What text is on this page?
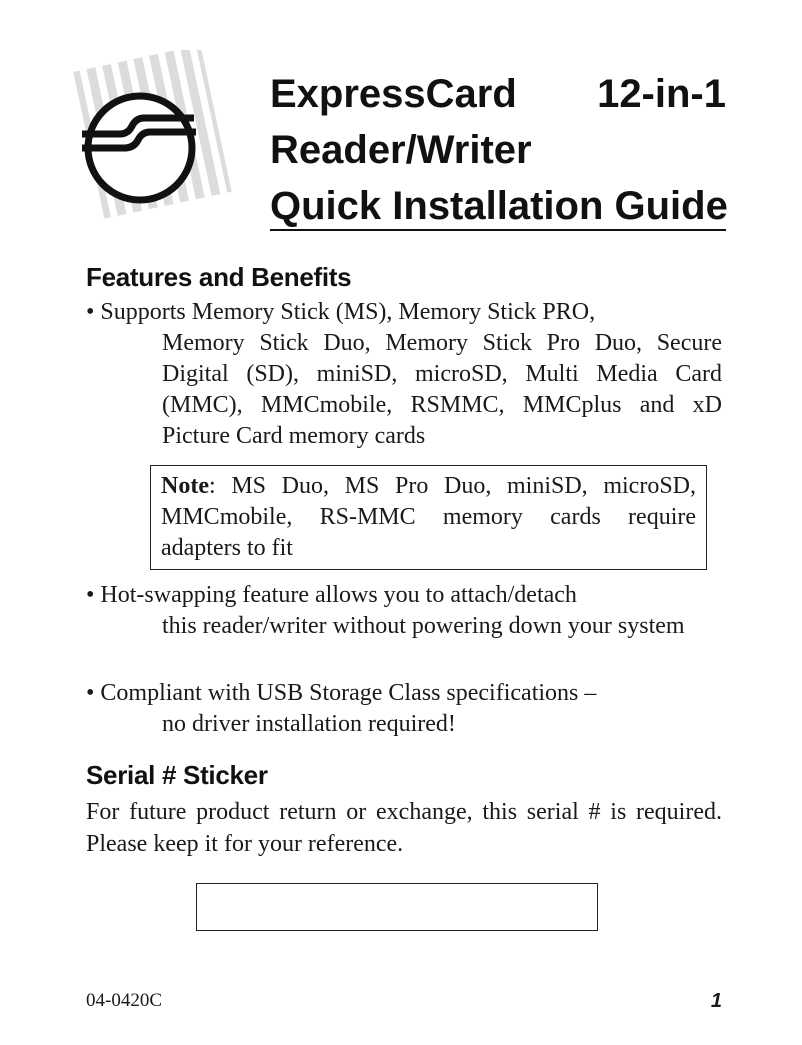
ExpressCard 12-in-1
Reader/Writer
Quick Installation Guide
Features and Benefits
• Supports Memory Stick (MS), Memory Stick PRO,
Memory Stick Duo, Memory Stick Pro Duo, Secure Digital (SD), miniSD, microSD, Multi Media Card (MMC), MMCmobile, RSMMC, MMCplus and xD Picture Card memory cards
Note: MS Duo, MS Pro Duo, miniSD, microSD, MMCmobile, RS-MMC memory cards require adapters to fit
• Hot-swapping feature allows you to attach/detach
this reader/writer without powering down your system
• Compliant with USB Storage Class specifications –
no driver installation required!
Serial # Sticker
For future product return or exchange, this serial # is required. Please keep it for your reference.
04-0420C	1
